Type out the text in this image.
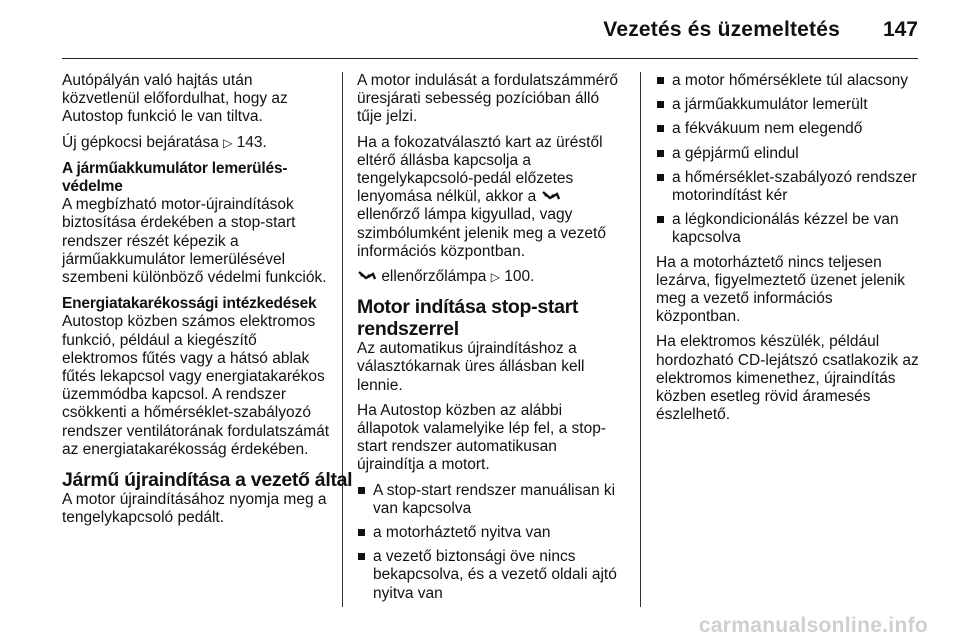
Vezetés és üzemeltetés 147

Autópályán való hajtás után közvetlenül előfordulhat, hogy az Autostop funkció le van tiltva.

Új gépkocsi bejáratása ▷ 143.

A járműakkumulátor lemerülés-védelme

A megbízható motor-újraindítások biztosítása érdekében a stop-start rendszer részét képezik a járműakkumulátor lemerülésével szembeni különböző védelmi funkciók.

Energiatakarékossági intézkedések

Autostop közben számos elektromos funkció, például a kiegészítő elektromos fűtés vagy a hátsó ablak fűtés lekapcsol vagy energiatakarékos üzemmódba kapcsol. A rendszer csökkenti a hőmérséklet-szabályozó rendszer ventilátorának fordulatszámát az energiatakarékosság érdekében.

Jármű újraindítása a vezető által

A motor újraindításához nyomja meg a tengelykapcsoló pedált.

A motor indulását a fordulatszámmérő üresjárati sebesség pozícióban álló tűje jelzi.

Ha a fokozatválasztó kart az üréstől eltérő állásba kapcsolja a tengelykapcsoló-pedál előzetes lenyomása nélkül, akkor a  ellenőrző lámpa kigyullad, vagy szimbólumként jelenik meg a vezető információs központban.

ellenőrzőlámpa ▷ 100.

Motor indítása stop-start rendszerrel

Az automatikus újraindításhoz a választókarnak üres állásban kell lennie.

Ha Autostop közben az alábbi állapotok valamelyike lép fel, a stop-start rendszer automatikusan újraindítja a motort.

A stop-start rendszer manuálisan ki van kapcsolva
a motorháztető nyitva van
a vezető biztonsági öve nincs bekapcsolva, és a vezető oldali ajtó nyitva van
a motor hőmérséklete túl alacsony
a járműakkumulátor lemerült
a fékvákuum nem elegendő
a gépjármű elindul
a hőmérséklet-szabályozó rendszer motorindítást kér
a légkondicionálás kézzel be van kapcsolva

Ha a motorháztető nincs teljesen lezárva, figyelmeztető üzenet jelenik meg a vezető információs központban.

Ha elektromos készülék, például hordozható CD-lejátszó csatlakozik az elektromos kimenethez, újraindítás közben esetleg rövid áramesés észlelhető.

carmanualsonline.info
